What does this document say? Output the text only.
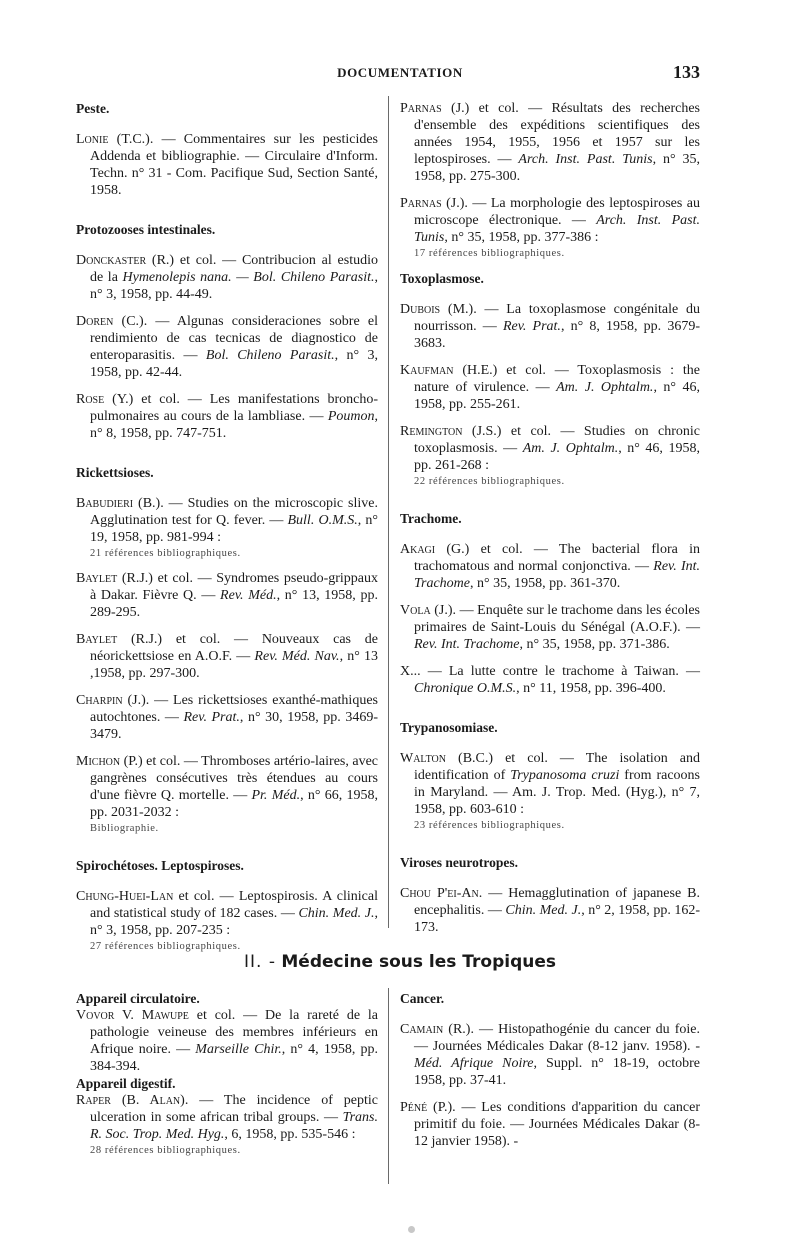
DOCUMENTATION	133
Peste.
Lonie (T.C.). — Commentaires sur les pesticides Addenda et bibliographie. — Circulaire d'Inform. Techn. n° 31 - Com. Pacifique Sud, Section Santé, 1958.
Protozooses intestinales.
Donckaster (R.) et col. — Contribucion al estudio de la Hymenolepis nana. — Bol. Chileno Parasit., n° 3, 1958, pp. 44-49.
Doren (C.). — Algunas consideraciones sobre el rendimiento de cas tecnicas de diagnostico de enteroparasitis. — Bol. Chileno Parasit., n° 3, 1958, pp. 42-44.
Rose (Y.) et col. — Les manifestations broncho-pulmonaires au cours de la lambliase. — Poumon, n° 8, 1958, pp. 747-751.
Rickettsioses.
Babudieri (B.). — Studies on the microscopic slive. Agglutination test for Q. fever. — Bull. O.M.S., n° 19, 1958, pp. 981-994 :
21 références bibliographiques.
Baylet (R.J.) et col. — Syndromes pseudo-grippaux à Dakar. Fièvre Q. — Rev. Méd., n° 13, 1958, pp. 289-295.
Baylet (R.J.) et col. — Nouveaux cas de néorickettsiose en A.O.F. — Rev. Méd. Nav., n° 13 ,1958, pp. 297-300.
Charpin (J.). — Les rickettsioses exanthé-mathiques autochtones. — Rev. Prat., n° 30, 1958, pp. 3469-3479.
Michon (P.) et col. — Thromboses artério-laires, avec gangrènes consécutives très étendues au cours d'une fièvre Q. mortelle. — Pr. Méd., n° 66, 1958, pp. 2031-2032 :
Bibliographie.
Spirochétoses. Leptospiroses.
Chung-Huei-Lan et col. — Leptospirosis. A clinical and statistical study of 182 cases. — Chin. Med. J., n° 3, 1958, pp. 207-235 :
27 références bibliographiques.
Parnas (J.) et col. — Résultats des recherches d'ensemble des expéditions scientifiques des années 1954, 1955, 1956 et 1957 sur les leptospiroses. — Arch. Inst. Past. Tunis, n° 35, 1958, pp. 275-300.
Parnas (J.). — La morphologie des leptospiroses au microscope électronique. — Arch. Inst. Past. Tunis, n° 35, 1958, pp. 377-386 :
17 références bibliographiques.
Toxoplasmose.
Dubois (M.). — La toxoplasmose congénitale du nourrisson. — Rev. Prat., n° 8, 1958, pp. 3679-3683.
Kaufman (H.E.) et col. — Toxoplasmosis : the nature of virulence. — Am. J. Ophtalm., n° 46, 1958, pp. 255-261.
Remington (J.S.) et col. — Studies on chronic toxoplasmosis. — Am. J. Ophtalm., n° 46, 1958, pp. 261-268 :
22 références bibliographiques.
Trachome.
Akagi (G.) et col. — The bacterial flora in trachomatous and normal conjonctiva. — Rev. Int. Trachome, n° 35, 1958, pp. 361-370.
Vola (J.). — Enquête sur le trachome dans les écoles primaires de Saint-Louis du Sénégal (A.O.F.). — Rev. Int. Trachome, n° 35, 1958, pp. 371-386.
X... — La lutte contre le trachome à Taiwan. — Chronique O.M.S., n° 11, 1958, pp. 396-400.
Trypanosomiase.
Walton (B.C.) et col. — The isolation and identification of Trypanosoma cruzi from racoons in Maryland. — Am. J. Trop. Med. (Hyg.), n° 7, 1958, pp. 603-610 :
23 références bibliographiques.
Viroses neurotropes.
Chou P'ei-An. — Hemagglutination of japanese B. encephalitis. — Chin. Med. J., n° 2, 1958, pp. 162-173.
II. - Médecine sous les Tropiques
Appareil circulatoire.
Vovor V. Mawupe et col. — De la rareté de la pathologie veineuse des membres inférieurs en Afrique noire. — Marseille Chir., n° 4, 1958, pp. 384-394.
Appareil digestif.
Raper (B. Alan). — The incidence of peptic ulceration in some african tribal groups. — Trans. R. Soc. Trop. Med. Hyg., 6, 1958, pp. 535-546 :
28 références bibliographiques.
Cancer.
Camain (R.). — Histopathogénie du cancer du foie. — Journées Médicales Dakar (8-12 janv. 1958). - Méd. Afrique Noire, Suppl. n° 18-19, octobre 1958, pp. 37-41.
Péné (P.). — Les conditions d'apparition du cancer primitif du foie. — Journées Médicales Dakar (8-12 janvier 1958). -
